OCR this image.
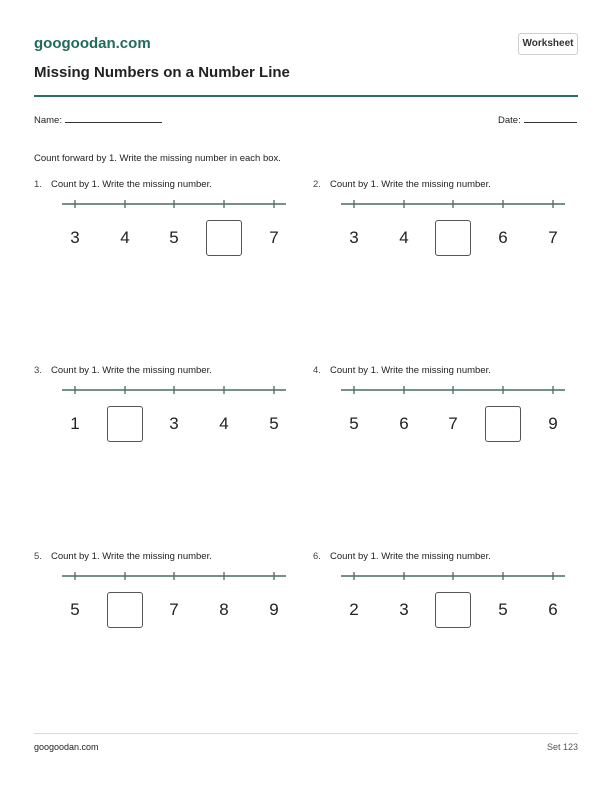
googoodan.com	Worksheet
Missing Numbers on a Number Line
Name:	Date:
Count forward by 1. Write the missing number in each box.
1. Count by 1. Write the missing number.
3	4	5	7
2. Count by 1. Write the missing number.
3	4	6	7
3. Count by 1. Write the missing number.
1	3	4	5
4. Count by 1. Write the missing number.
5	6	7	9
5. Count by 1. Write the missing number.
5	7	8	9
6. Count by 1. Write the missing number.
2	3	5	6
googoodan.com	Set 123
